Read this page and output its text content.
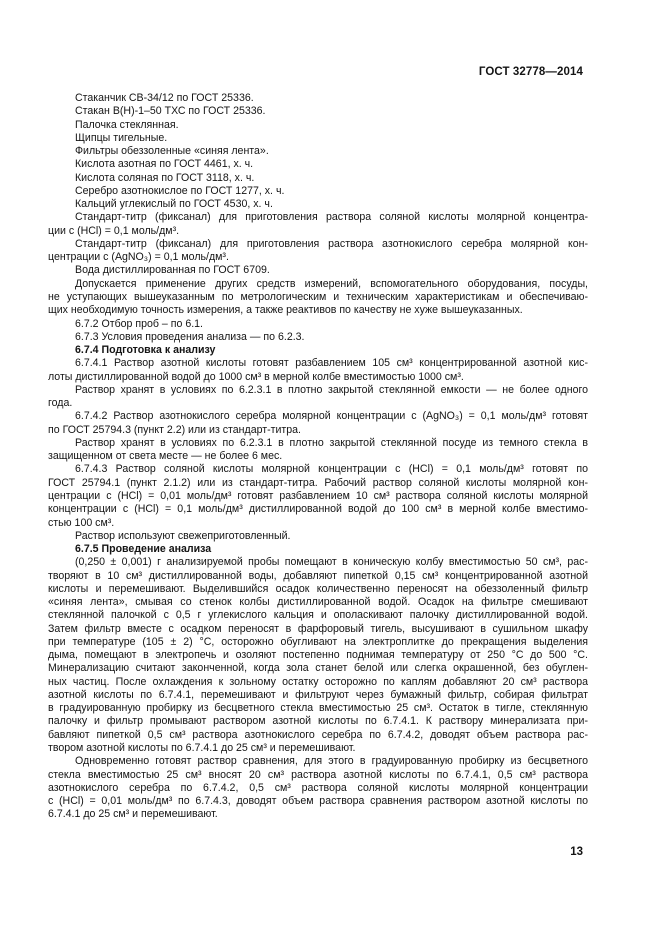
ГОСТ 32778—2014
Стаканчик СВ-34/12 по ГОСТ 25336.
Стакан В(Н)-1–50 ТХС по ГОСТ 25336.
Палочка стеклянная.
Щипцы тигельные.
Фильтры обеззоленные «синяя лента».
Кислота азотная по ГОСТ 4461, х. ч.
Кислота соляная по ГОСТ 3118, х. ч.
Серебро азотнокислое по ГОСТ 1277, х. ч.
Кальций углекислый по ГОСТ 4530, х. ч.
Стандарт-титр (фиксанал) для приготовления раствора соляной кислоты молярной концентра-
ции c (HCl) = 0,1 моль/дм³.
Стандарт-титр (фиксанал) для приготовления раствора азотнокислого серебра молярной кон-
центрации c (AgNO₃) = 0,1 моль/дм³.
Вода дистиллированная по ГОСТ 6709.
Допускается применение других средств измерений, вспомогательного оборудования, посуды,
не уступающих вышеуказанным по метрологическим и техническим характеристикам и обеспечиваю-
щих необходимую точность измерения, а также реактивов по качеству не хуже вышеуказанных.
6.7.2 Отбор проб – по 6.1.
6.7.3 Условия проведения анализа — по 6.2.3.
6.7.4 Подготовка к анализу
6.7.4.1 Раствор азотной кислоты готовят разбавлением 105 см³ концентрированной азотной кис-
лоты дистиллированной водой до 1000 см³ в мерной колбе вместимостью 1000 см³.
Раствор хранят в условиях по 6.2.3.1 в плотно закрытой стеклянной емкости — не более одного
года.
6.7.4.2 Раствор азотнокислого серебра молярной концентрации c (AgNO₃) = 0,1 моль/дм³ готовят
по ГОСТ 25794.3 (пункт 2.2) или из стандарт-титра.
Раствор хранят в условиях по 6.2.3.1 в плотно закрытой стеклянной посуде из темного стекла в
защищенном от света месте — не более 6 мес.
6.7.4.3 Раствор соляной кислоты молярной концентрации c (HCl) = 0,1 моль/дм³ готовят по
ГОСТ 25794.1 (пункт 2.1.2) или из стандарт-титра. Рабочий раствор соляной кислоты молярной кон-
центрации c (HCl) = 0,01 моль/дм³ готовят разбавлением 10 см³ раствора соляной кислоты молярной
концентрации c (HCl) = 0,1 моль/дм³ дистиллированной водой до 100 см³ в мерной колбе вместимо-
стью 100 см³.
Раствор используют свежеприготовленный.
6.7.5 Проведение анализа
(0,250 ± 0,001) г анализируемой пробы помещают в коническую колбу вместимостью 50 см³, рас-
творяют в 10 см³ дистиллированной воды, добавляют пипеткой 0,15 см³ концентрированной азотной
кислоты и перемешивают. Выделившийся осадок количественно переносят на обеззоленный фильтр
«синяя лента», смывая со стенок колбы дистиллированной водой. Осадок на фильтре смешивают
стеклянной палочкой с 0,5 г углекислого кальция и ополаскивают палочку дистиллированной водой.
Затем фильтр вместе с осадком переносят в фарфоровый тигель, высушивают в сушильном шкафу
при температуре (105 ± 2) °С, осторожно обугливают на электроплитке до прекращения выделения
дыма, помещают в электропечь и озоляют постепенно поднимая температуру от 250 °С до 500 °С.
Минерализацию считают законченной, когда зола станет белой или слегка окрашенной, без обуглен-
ных частиц. После охлаждения к зольному остатку осторожно по каплям добавляют 20 см³ раствора
азотной кислоты по 6.7.4.1, перемешивают и фильтруют через бумажный фильтр, собирая фильтрат
в градуированную пробирку из бесцветного стекла вместимостью 25 см³. Остаток в тигле, стеклянную
палочку и фильтр промывают раствором азотной кислоты по 6.7.4.1. К раствору минерализата при-
бавляют пипеткой 0,5 см³ раствора азотнокислого серебра по 6.7.4.2, доводят объем раствора рас-
твором азотной кислоты по 6.7.4.1 до 25 см³ и перемешивают.
Одновременно готовят раствор сравнения, для этого в градуированную пробирку из бесцветного
стекла вместимостью 25 см³ вносят 20 см³ раствора азотной кислоты по 6.7.4.1, 0,5 см³ раствора
азотнокислого серебра по 6.7.4.2, 0,5 см³ раствора соляной кислоты молярной концентрации
c (HCl) = 0,01 моль/дм³ по 6.7.4.3, доводят объем раствора сравнения раствором азотной кислоты по
6.7.4.1 до 25 см³ и перемешивают.
13
